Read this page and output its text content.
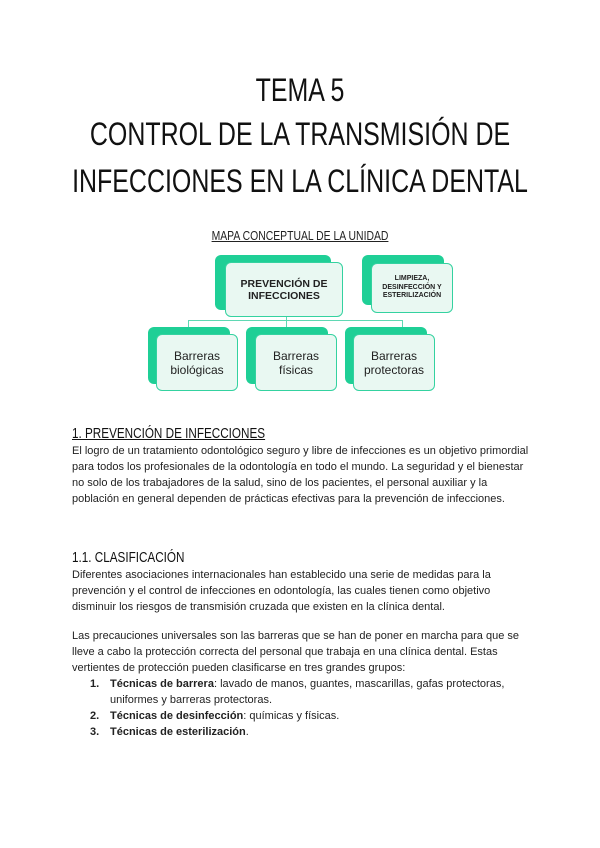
TEMA 5
CONTROL DE LA TRANSMISIÓN DE
INFECCIONES EN LA CLÍNICA DENTAL
MAPA CONCEPTUAL DE LA UNIDAD
PREVENCIÓN DE
INFECCIONES
LIMPIEZA,
DESINFECCIÓN Y
ESTERILIZACIÓN
Barreras
biológicas
Barreras
físicas
Barreras
protectoras
1. PREVENCIÓN DE INFECCIONES
El logro de un tratamiento odontológico seguro y libre de infecciones es un objetivo primordial para todos los profesionales de la odontología en todo el mundo. La seguridad y el bienestar no solo de los trabajadores de la salud, sino de los pacientes, el personal auxiliar y la población en general dependen de prácticas efectivas para la prevención de infecciones.
1.1. CLASIFICACIÓN
Diferentes asociaciones internacionales han establecido una serie de medidas para la prevención y el control de infecciones en odontología, las cuales tienen como objetivo disminuir los riesgos de transmisión cruzada que existen en la clínica dental.
Las precauciones universales son las barreras que se han de poner en marcha para que se lleve a cabo la protección correcta del personal que trabaja en una clínica dental. Estas vertientes de protección pueden clasificarse en tres grandes grupos:
1. Técnicas de barrera: lavado de manos, guantes, mascarillas, gafas protectoras, uniformes y barreras protectoras.
2. Técnicas de desinfección: químicas y físicas.
3. Técnicas de esterilización.
